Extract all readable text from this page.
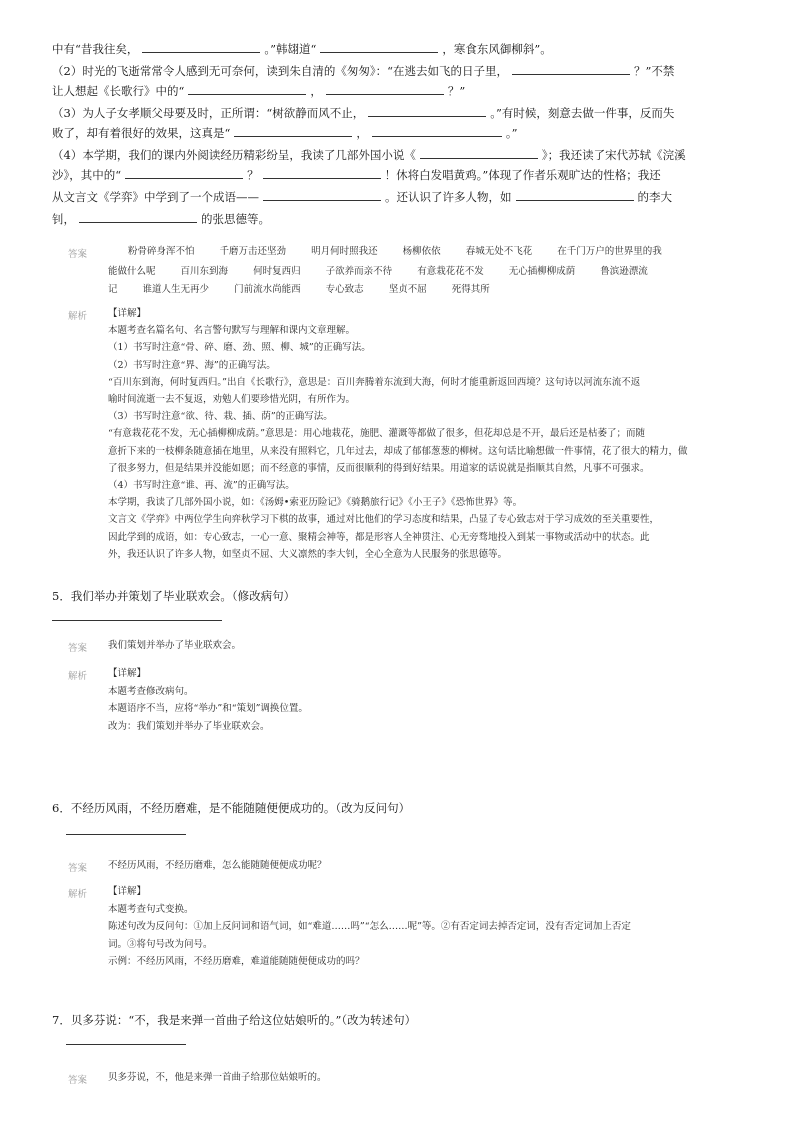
中有“昔我往矣，	。”韩翃道“	，寒食东风御柳斜”。
（2）时光的飞逝常常令人感到无可奈何，读到朱自清的《匆匆》：“在逃去如飞的日子里，	？”不禁
让人想起《长歌行》中的“	，	？”
（3）为人子女孝顺父母要及时，正所谓：“树欲静而风不止，	。”有时候，刻意去做一件事，反而失
败了，却有着很好的效果，这真是“	，	。”
（4）本学期，我们的课内外阅读经历精彩纷呈，我读了几部外国小说《	》；我还读了宋代苏轼《浣溪
沙》，其中的“	？	！休将白发唱黄鸡。”体现了作者乐观旷达的性格；我还
从文言文《学弈》中学到了一个成语——	。还认识了许多人物，如	的李大
钊，	的张思德等。
答案	粉骨碎身浑不怕	千磨万击还坚劲	明月何时照我还	杨柳依依	春城无处不飞花	在千门万户的世界里的我
能做什么呢	百川东到海	何时复西归	子欲养而亲不待	有意栽花花不发	无心插柳柳成荫	鲁滨逊漂流
记	谁道人生无再少	门前流水尚能西	专心致志	坚贞不屈	死得其所
解析 【详解】
本题考查名篇名句、名言警句默写与理解和课内文章理解。
（1）书写时注意“骨、碎、磨、劲、照、柳、城”的正确写法。
（2）书写时注意“界、海”的正确写法。
“百川东到海，何时复西归。”出自《长歌行》，意思是：百川奔腾着东流到大海，何时才能重新返回西境？这句诗以河流东流不返
喻时间流逝一去不复返，劝勉人们要珍惜光阴，有所作为。
（3）书写时注意“欲、待、栽、插、荫”的正确写法。
“有意栽花花不发，无心插柳柳成荫。”意思是：用心地栽花，施肥、灌溉等都做了很多，但花却总是不开，最后还是枯萎了；而随
意折下来的一枝柳条随意插在地里，从来没有照料它，几年过去，却成了郁郁葱葱的柳树。这句话比喻想做一件事情，花了很大的精力，做
了很多努力，但是结果并没能如愿；而不经意的事情，反而很顺利的得到好结果。用道家的话说就是指顺其自然，凡事不可强求。
（4）书写时注意“谁、再、流”的正确写法。
本学期，我读了几部外国小说，如：《汤姆•索亚历险记》《骑鹅旅行记》《小王子》《恐怖世界》等。
文言文《学弈》中两位学生向弈秋学习下棋的故事，通过对比他们的学习态度和结果，凸显了专心致志对于学习成效的至关重要性，
因此学到的成语，如：专心致志，一心一意、聚精会神等，都是形容人全神贯注、心无旁骛地投入到某一事物或活动中的状态。此
外，我还认识了许多人物，如坚贞不屈、大义凛然的李大钊，全心全意为人民服务的张思德等。
5．我们举办并策划了毕业联欢会。（修改病句）
答案 我们策划并举办了毕业联欢会。
解析 【详解】
本题考查修改病句。
本题语序不当，应将“举办”和“策划”调换位置。
改为：我们策划并举办了毕业联欢会。
6．不经历风雨，不经历磨难，是不能随随便便成功的。（改为反问句）
答案 不经历风雨，不经历磨难，怎么能随随便便成功呢？
解析 【详解】
本题考查句式变换。
陈述句改为反问句：①加上反问词和语气词，如“难道……吗”“怎么……呢”等。②有否定词去掉否定词，没有否定词加上否定
词。③将句号改为问号。
示例：不经历风雨，不经历磨难，难道能随随便便成功的吗？
7．贝多芬说：“不，我是来弹一首曲子给这位姑娘听的。”（改为转述句）
答案 贝多芬说，不，他是来弹一首曲子给那位姑娘听的。
